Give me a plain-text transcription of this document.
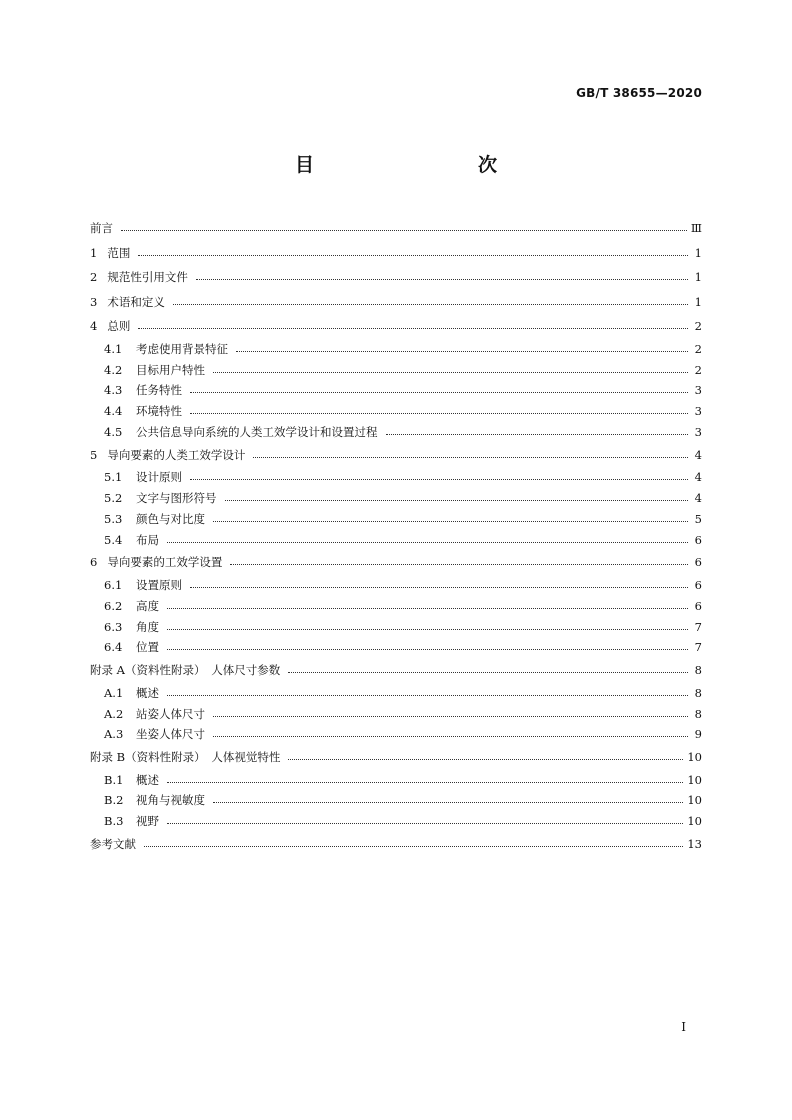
GB/T 38655—2020
目　　次
前言	Ⅲ
1 范围	1
2 规范性引用文件	1
3 术语和定义	1
4 总则	2
4.1 考虑使用背景特征	2
4.2 目标用户特性	2
4.3 任务特性	3
4.4 环境特性	3
4.5 公共信息导向系统的人类工效学设计和设置过程	3
5 导向要素的人类工效学设计	4
5.1 设计原则	4
5.2 文字与图形符号	4
5.3 颜色与对比度	5
5.4 布局	6
6 导向要素的工效学设置	6
6.1 设置原则	6
6.2 高度	6
6.3 角度	7
6.4 位置	7
附录 A（资料性附录）　人体尺寸参数	8
A.1 概述	8
A.2 站姿人体尺寸	8
A.3 坐姿人体尺寸	9
附录 B（资料性附录）　人体视觉特性	10
B.1 概述	10
B.2 视角与视敏度	10
B.3 视野	10
参考文献	13
I
